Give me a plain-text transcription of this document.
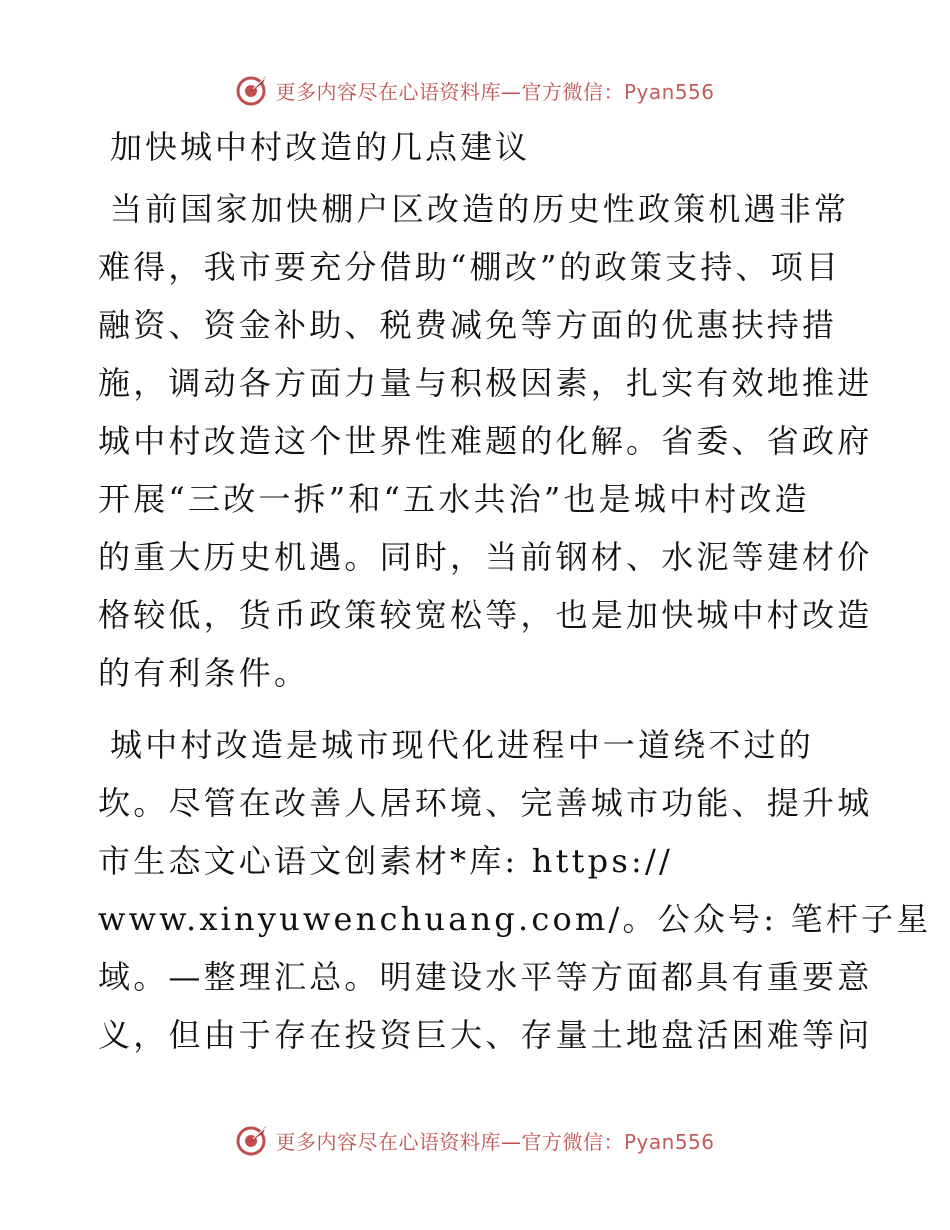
更多内容尽在心语资料库—官方微信：Pyan556
加快城中村改造的几点建议
当前国家加快棚户区改造的历史性政策机遇非常
难得，我市要充分借助“棚改”的政策支持、项目
融资、资金补助、税费减免等方面的优惠扶持措
施，调动各方面力量与积极因素，扎实有效地推进
城中村改造这个世界性难题的化解。省委、省政府
开展“三改一拆”和“五水共治”也是城中村改造
的重大历史机遇。同时，当前钢材、水泥等建材价
格较低，货币政策较宽松等，也是加快城中村改造
的有利条件。
城中村改造是城市现代化进程中一道绕不过的
坎。尽管在改善人居环境、完善城市功能、提升城
市生态文心语文创素材*库: https://
www.xinyuwenchuang.com/。公众号: 笔杆子星
域。—整理汇总。明建设水平等方面都具有重要意
义，但由于存在投资巨大、存量土地盘活困难等问
更多内容尽在心语资料库—官方微信：Pyan556
